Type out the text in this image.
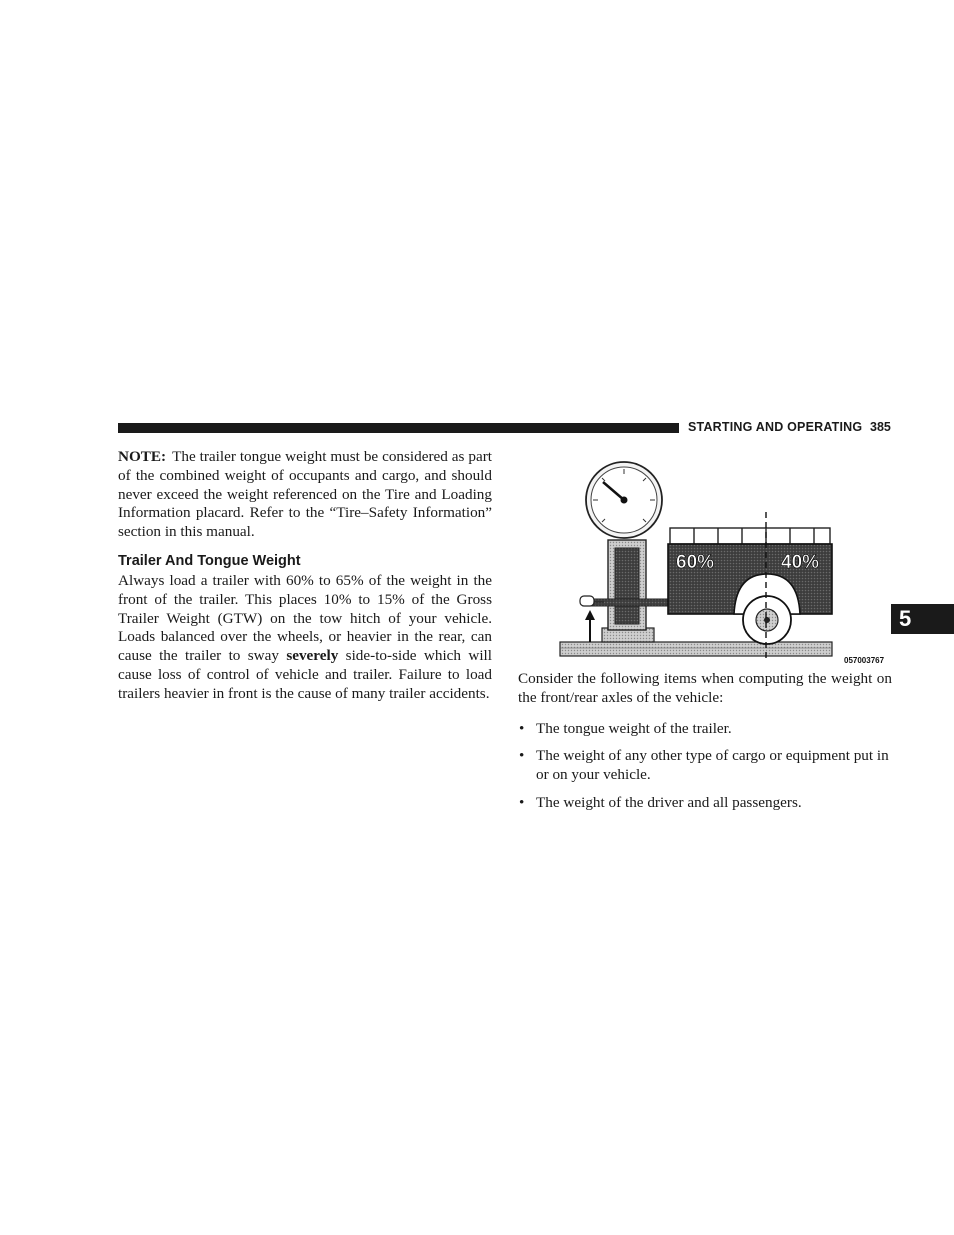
STARTING AND OPERATING 385
5

NOTE: The trailer tongue weight must be considered as part of the combined weight of occupants and cargo, and should never exceed the weight referenced on the Tire and Loading Information placard. Refer to the “Tire–Safety Information” section in this manual.

Trailer And Tongue Weight

Always load a trailer with 60% to 65% of the weight in the front of the trailer. This places 10% to 15% of the Gross Trailer Weight (GTW) on the tow hitch of your vehicle. Loads balanced over the wheels, or heavier in the rear, can cause the trailer to sway severely side-to-side which will cause loss of control of vehicle and trailer. Failure to load trailers heavier in front is the cause of many trailer accidents.

60%	40%
057003767

Consider the following items when computing the weight on the front/rear axles of the vehicle:

• The tongue weight of the trailer.
• The weight of any other type of cargo or equipment put in or on your vehicle.
• The weight of the driver and all passengers.
